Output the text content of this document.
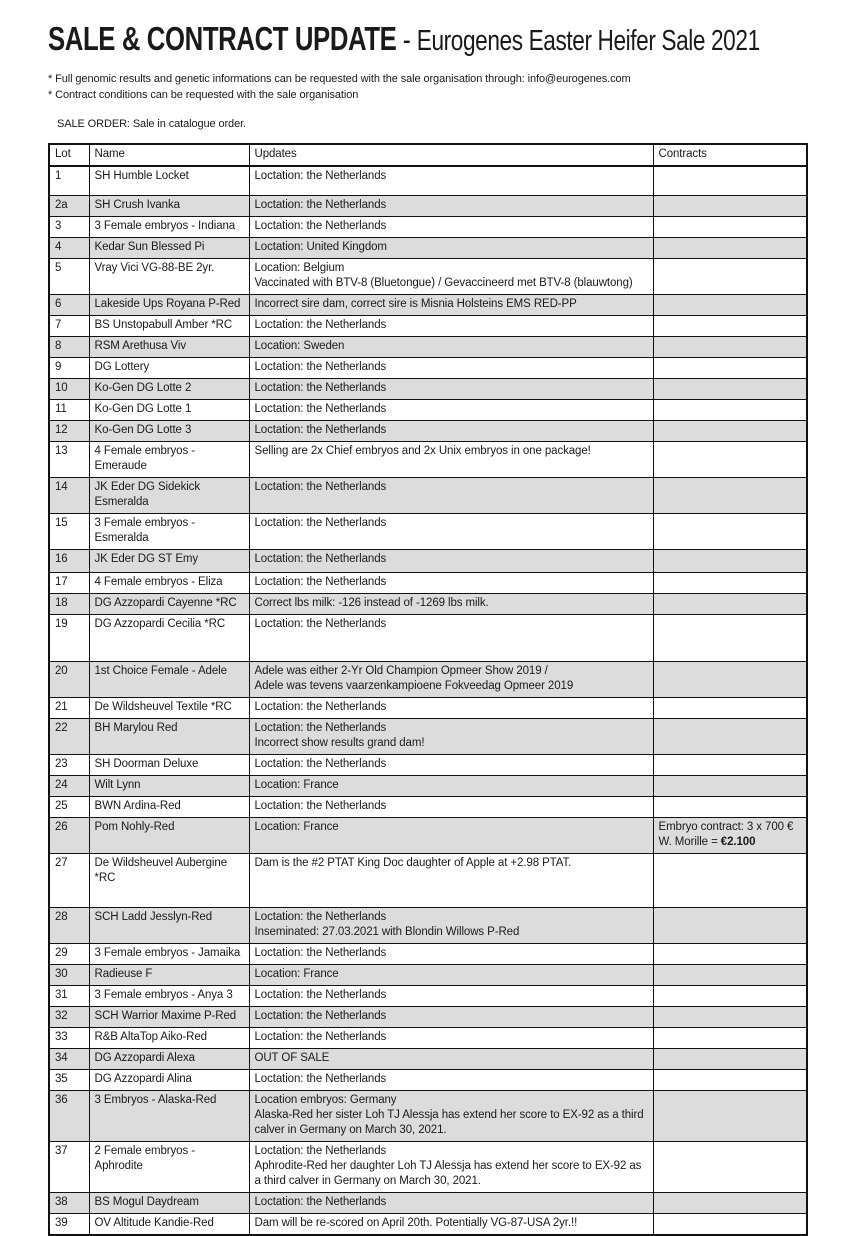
SALE & CONTRACT UPDATE - Eurogenes Easter Heifer Sale 2021
* Full genomic results and genetic informations can be requested with the sale organisation through: info@eurogenes.com
* Contract conditions can be requested with the sale organisation
SALE ORDER: Sale in catalogue order.
Lot	Name	Updates	Contracts
1	SH Humble Locket	Loctation: the Netherlands	

2a	SH Crush Ivanka	Loctation: the Netherlands	

3	3 Female embryos - Indiana	Loctation: the Netherlands	

4	Kedar Sun Blessed Pi	Loctation: United Kingdom	

5	Vray Vici VG-88-BE 2yr.	Location: Belgium
Vaccinated with BTV-8 (Bluetongue) / Gevaccineerd met BTV-8 (blauwtong)	

6	Lakeside Ups Royana P-Red	Incorrect sire dam, correct sire is Misnia Holsteins EMS RED-PP	

7	BS Unstopabull Amber *RC	Loctation: the Netherlands	

8	RSM Arethusa Viv	Location: Sweden	

9	DG Lottery	Loctation: the Netherlands	

10	Ko-Gen DG Lotte 2	Loctation: the Netherlands	

11	Ko-Gen DG Lotte 1	Loctation: the Netherlands	

12	Ko-Gen DG Lotte 3	Loctation: the Netherlands	

13	4 Female embryos - Emeraude	Selling are 2x Chief embryos and 2x Unix embryos in one package!	

14	JK Eder DG Sidekick Esmeralda	Loctation: the Netherlands	

15	3 Female embryos - Esmeralda	Loctation: the Netherlands	

16	JK Eder DG ST Emy	Loctation: the Netherlands	

17	4 Female embryos - Eliza	Loctation: the Netherlands	

18	DG Azzopardi Cayenne *RC	Correct lbs milk: -126 instead of -1269 lbs milk.	

19	DG Azzopardi Cecilia *RC	Loctation: the Netherlands	

20	1st Choice Female - Adele	Adele was either 2-Yr Old Champion Opmeer Show 2019 /
Adele was tevens vaarzenkampioene Fokveedag Opmeer 2019	

21	De Wildsheuvel Textile *RC	Loctation: the Netherlands	

22	BH Marylou Red	Loctation: the Netherlands
Incorrect show results grand dam!	

23	SH Doorman Deluxe	Loctation: the Netherlands	

24	Wilt Lynn	Location: France	

25	BWN Ardina-Red	Loctation: the Netherlands	

26	Pom Nohly-Red	Location: France	Embryo contract: 3 x 700 €
W. Morille = €2.100

27	De Wildsheuvel Aubergine *RC	Dam is the #2 PTAT King Doc daughter of Apple at +2.98 PTAT.	

28	SCH Ladd Jesslyn-Red	Loctation: the Netherlands
Inseminated: 27.03.2021 with Blondin Willows P-Red	

29	3 Female embryos - Jamaika	Loctation: the Netherlands	

30	Radieuse F	Location: France	

31	3 Female embryos - Anya 3	Loctation: the Netherlands	

32	SCH Warrior Maxime P-Red	Loctation: the Netherlands	

33	R&B AltaTop Aiko-Red	Loctation: the Netherlands	

34	DG Azzopardi Alexa	OUT OF SALE	

35	DG Azzopardi Alina	Loctation: the Netherlands	

36	3 Embryos - Alaska-Red	Location embryos: Germany
Alaska-Red her sister Loh TJ Alessja has extend her score to EX-92 as a third calver in Germany on March 30, 2021.	

37	2 Female embryos - Aphrodite	Loctation: the Netherlands
Aphrodite-Red her daughter Loh TJ Alessja has extend her score to EX-92 as a third calver in Germany on March 30, 2021.	

38	BS Mogul Daydream	Loctation: the Netherlands	

39	OV Altitude Kandie-Red	Dam will be re-scored on April 20th. Potentially VG-87-USA 2yr.!!	
